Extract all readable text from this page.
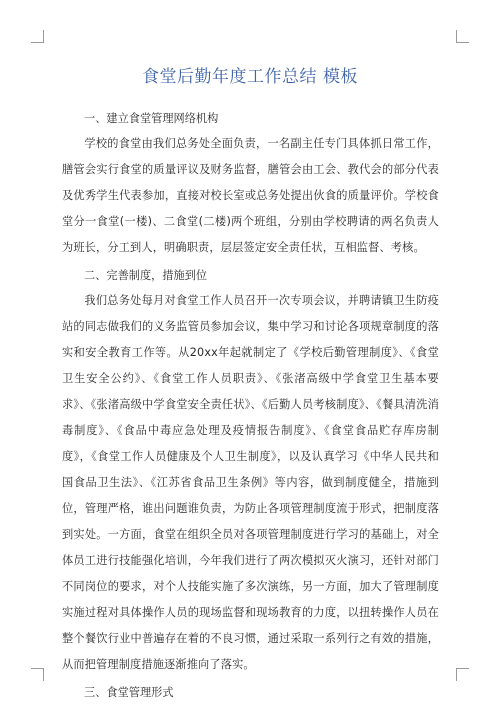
食堂后勤年度工作总结 模板

一、建立食堂管理网络机构

学校的食堂由我们总务处全面负责，一名副主任专门具体抓日常工作，膳管会实行食堂的质量评议及财务监督，膳管会由工会、教代会的部分代表及优秀学生代表参加，直接对校长室或总务处提出伙食的质量评价。学校食堂分一食堂(一楼)、二食堂(二楼)两个班组，分别由学校聘请的两名负责人为班长，分工到人，明确职责，层层签定安全责任状，互相监督、考核。

二、完善制度，措施到位

我们总务处每月对食堂工作人员召开一次专项会议，并聘请镇卫生防疫站的同志做我们的义务监管员参加会议，集中学习和讨论各项规章制度的落实和安全教育工作等。从20xx年起就制定了《学校后勤管理制度》、《食堂卫生安全公约》、《食堂工作人员职责》、《张渚高级中学食堂卫生基本要求》、《张渚高级中学食堂安全责任状》、《后勤人员考核制度》、《餐具清洗消毒制度》、《食品中毒应急处理及疫情报告制度》、《食堂食品贮存库房制度》，《食堂工作人员健康及个人卫生制度》，以及认真学习《中华人民共和国食品卫生法》、《江苏省食品卫生条例》等内容，做到制度健全，措施到位，管理严格，谁出问题谁负责，为防止各项管理制度流于形式，把制度落到实处。一方面，食堂在组织全员对各项管理制度进行学习的基础上，对全体员工进行技能强化培训，今年我们进行了两次模拟灭火演习，还针对部门不同岗位的要求，对个人技能实施了多次演练，另一方面，加大了管理制度实施过程对具体操作人员的现场监督和现场教育的力度，以扭转操作人员在整个餐饮行业中普遍存在着的不良习惯，通过采取一系列行之有效的措施，从而把管理制度措施逐渐推向了落实。

三、食堂管理形式
